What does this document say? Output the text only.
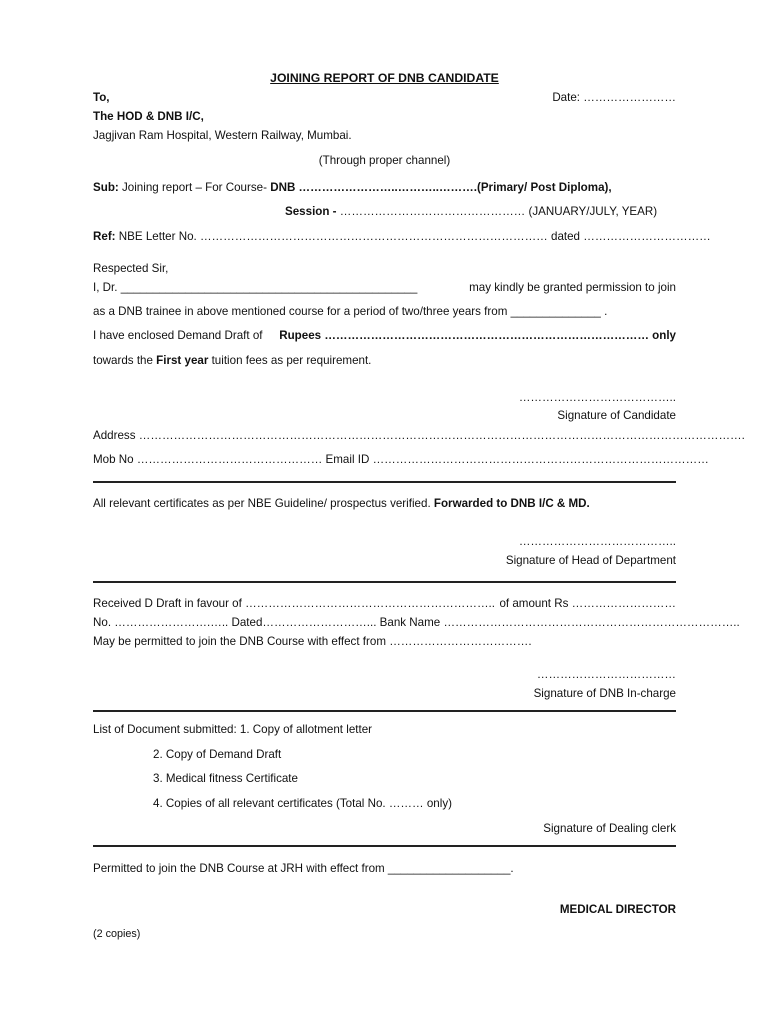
JOINING REPORT OF DNB CANDIDATE
To,	Date: ……………………
The HOD & DNB I/C,
Jagjivan Ram Hospital, Western Railway, Mumbai.
(Through proper channel)
Sub: Joining report – For Course- DNB ……………………..………..……….(Primary/ Post Diploma),
Session - ………………………………………… (JANUARY/JULY, YEAR)
Ref: NBE Letter No. ……………………………………………………………………………… dated ……………………………
Respected Sir,
I, Dr. ______________________________________________	may kindly be granted permission to join
as a DNB trainee in above mentioned course for a period of two/three years from ______________ .
I have enclosed Demand Draft of Rupees ………………………………………………………………………… only
towards the First year tuition fees as per requirement.
…………………………………..
Signature of Candidate
Address ………………………………………………………………………………………………………………………………………….
Mob No ………………………………………… Email ID ……………………………………………………………………………
All relevant certificates as per NBE Guideline/ prospectus verified. Forwarded to DNB I/C & MD.
…………………………………..
Signature of Head of Department
Received D Draft in favour of ……………………………………………………….. of amount Rs ………………………
No. …………………….….. Dated………………………... Bank Name …………………………………………………………………..
May be permitted to join the DNB Course with effect from ……………………………….
………………………………
Signature of DNB In-charge
List of Document submitted: 1. Copy of allotment letter
2. Copy of Demand Draft
3. Medical fitness Certificate
4. Copies of all relevant certificates (Total No. ……… only)
Signature of Dealing clerk
Permitted to join the DNB Course at JRH with effect from ___________________.
MEDICAL DIRECTOR
(2 copies)
